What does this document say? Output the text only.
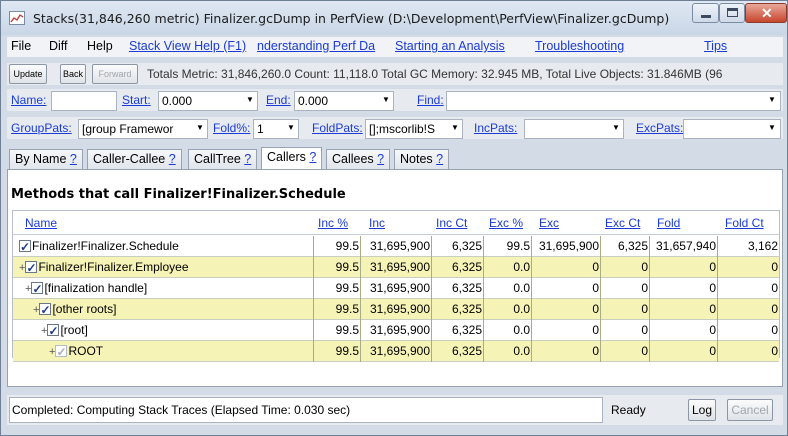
Stacks(31,846,260 metric) Finalizer.gcDump in PerfView (D:\Development\PerfView\Finalizer.gcDump)	✕
File Diff Help Stack View Help (F1) nderstanding Perf Da Starting an Analysis Troubleshooting	Tips
Update	Back	Forward	Totals Metric: 31,846,260.0 Count: 11,118.0 Total GC Memory: 32.945 MB, Total Live Objects: 31.846MB (96
Name:	Start: 0.000	▼ End: 0.000	▼ Find:	▼
GroupPats: [group Framewor	▼ Fold%: 1	▼ FoldPats: [];mscorlib!S	▼ IncPats:	▼ ExcPats:	▼
By Name ?	Caller-Callee ?	CallTree ?	Callers ?	Callees ?	Notes ?
Methods that call Finalizer!Finalizer.Schedule
Name	Inc % Inc	Inc Ct Exc % Exc	Exc Ct Fold	Fold Ct
✓Finalizer!Finalizer.Schedule	99.5 31,695,900	6,325	99.5 31,695,900	6,325 31,657,940	3,162
+ ✓ Finalizer!Finalizer.Employee	99.5 31,695,900	6,325	0.0	0	0	0	0
+ ✓ [finalization handle]	99.5 31,695,900	6,325	0.0	0	0	0	0
+ ✓ [other roots]	99.5 31,695,900	6,325	0.0	0	0	0	0
+ ✓ [root]	99.5 31,695,900	6,325	0.0	0	0	0	0
+ ✓ ROOT	99.5 31,695,900	6,325	0.0	0	0	0	0
Completed: Computing Stack Traces (Elapsed Time: 0.030 sec)	Ready	Log	Cancel
